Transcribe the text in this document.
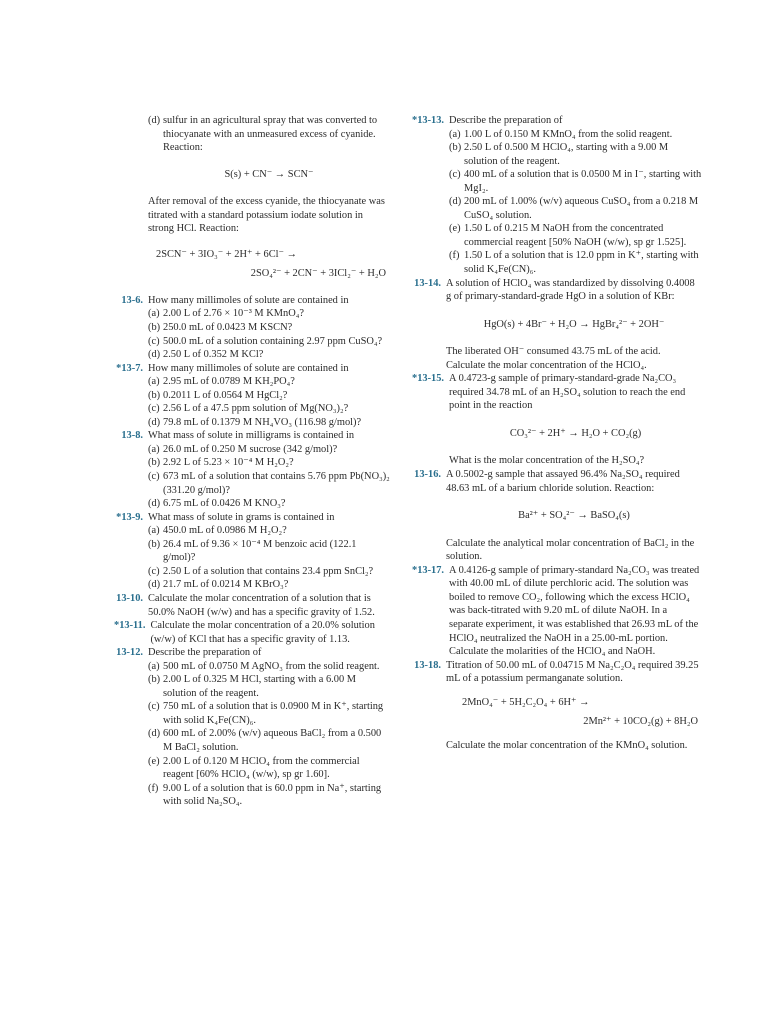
(d) sulfur in an agricultural spray that was converted to thiocyanate with an unmeasured excess of cyanide. Reaction:
S(s) + CN⁻ → SCN⁻
After removal of the excess cyanide, the thiocyanate was titrated with a standard potassium iodate solution in strong HCl. Reaction:
2SCN⁻ + 3IO₃⁻ + 2H⁺ + 6Cl⁻ →
2SO₄²⁻ + 2CN⁻ + 3ICl₂⁻ + H₂O
13-6. How many millimoles of solute are contained in
(a) 2.00 L of 2.76 × 10⁻³ M KMnO₄?
(b) 250.0 mL of 0.0423 M KSCN?
(c) 500.0 mL of a solution containing 2.97 ppm CuSO₄?
(d) 2.50 L of 0.352 M KCl?
*13-7. How many millimoles of solute are contained in
(a) 2.95 mL of 0.0789 M KH₂PO₄?
(b) 0.2011 L of 0.0564 M HgCl₂?
(c) 2.56 L of a 47.5 ppm solution of Mg(NO₃)₂?
(d) 79.8 mL of 0.1379 M NH₄VO₃ (116.98 g/mol)?
13-8. What mass of solute in milligrams is contained in
(a) 26.0 mL of 0.250 M sucrose (342 g/mol)?
(b) 2.92 L of 5.23 × 10⁻⁴ M H₂O₂?
(c) 673 mL of a solution that contains 5.76 ppm Pb(NO₃)₂ (331.20 g/mol)?
(d) 6.75 mL of 0.0426 M KNO₃?
*13-9. What mass of solute in grams is contained in
(a) 450.0 mL of 0.0986 M H₂O₂?
(b) 26.4 mL of 9.36 × 10⁻⁴ M benzoic acid (122.1 g/mol)?
(c) 2.50 L of a solution that contains 23.4 ppm SnCl₂?
(d) 21.7 mL of 0.0214 M KBrO₃?
13-10. Calculate the molar concentration of a solution that is 50.0% NaOH (w/w) and has a specific gravity of 1.52.
*13-11. Calculate the molar concentration of a 20.0% solution (w/w) of KCl that has a specific gravity of 1.13.
13-12. Describe the preparation of
(a) 500 mL of 0.0750 M AgNO₃ from the solid reagent.
(b) 2.00 L of 0.325 M HCl, starting with a 6.00 M solution of the reagent.
(c) 750 mL of a solution that is 0.0900 M in K⁺, starting with solid K₄Fe(CN)₆.
(d) 600 mL of 2.00% (w/v) aqueous BaCl₂ from a 0.500 M BaCl₂ solution.
(e) 2.00 L of 0.120 M HClO₄ from the commercial reagent [60% HClO₄ (w/w), sp gr 1.60].
(f) 9.00 L of a solution that is 60.0 ppm in Na⁺, starting with solid Na₂SO₄.
*13-13. Describe the preparation of
(a) 1.00 L of 0.150 M KMnO₄ from the solid reagent.
(b) 2.50 L of 0.500 M HClO₄, starting with a 9.00 M solution of the reagent.
(c) 400 mL of a solution that is 0.0500 M in I⁻, starting with MgI₂.
(d) 200 mL of 1.00% (w/v) aqueous CuSO₄ from a 0.218 M CuSO₄ solution.
(e) 1.50 L of 0.215 M NaOH from the concentrated commercial reagent [50% NaOH (w/w), sp gr 1.525].
(f) 1.50 L of a solution that is 12.0 ppm in K⁺, starting with solid K₄Fe(CN)₆.
13-14. A solution of HClO₄ was standardized by dissolving 0.4008 g of primary-standard-grade HgO in a solution of KBr:
HgO(s) + 4Br⁻ + H₂O → HgBr₄²⁻ + 2OH⁻
The liberated OH⁻ consumed 43.75 mL of the acid. Calculate the molar concentration of the HClO₄.
*13-15. A 0.4723-g sample of primary-standard-grade Na₂CO₃ required 34.78 mL of an H₂SO₄ solution to reach the end point in the reaction
CO₃²⁻ + 2H⁺ → H₂O + CO₂(g)
What is the molar concentration of the H₂SO₄?
13-16. A 0.5002-g sample that assayed 96.4% Na₂SO₄ required 48.63 mL of a barium chloride solution. Reaction:
Ba²⁺ + SO₄²⁻ → BaSO₄(s)
Calculate the analytical molar concentration of BaCl₂ in the solution.
*13-17. A 0.4126-g sample of primary-standard Na₂CO₃ was treated with 40.00 mL of dilute perchloric acid. The solution was boiled to remove CO₂, following which the excess HClO₄ was back-titrated with 9.20 mL of dilute NaOH. In a separate experiment, it was established that 26.93 mL of the HClO₄ neutralized the NaOH in a 25.00-mL portion. Calculate the molarities of the HClO₄ and NaOH.
13-18. Titration of 50.00 mL of 0.04715 M Na₂C₂O₄ required 39.25 mL of a potassium permanganate solution.
2MnO₄⁻ + 5H₂C₂O₄ + 6H⁺ →
2Mn²⁺ + 10CO₂(g) + 8H₂O
Calculate the molar concentration of the KMnO₄ solution.
